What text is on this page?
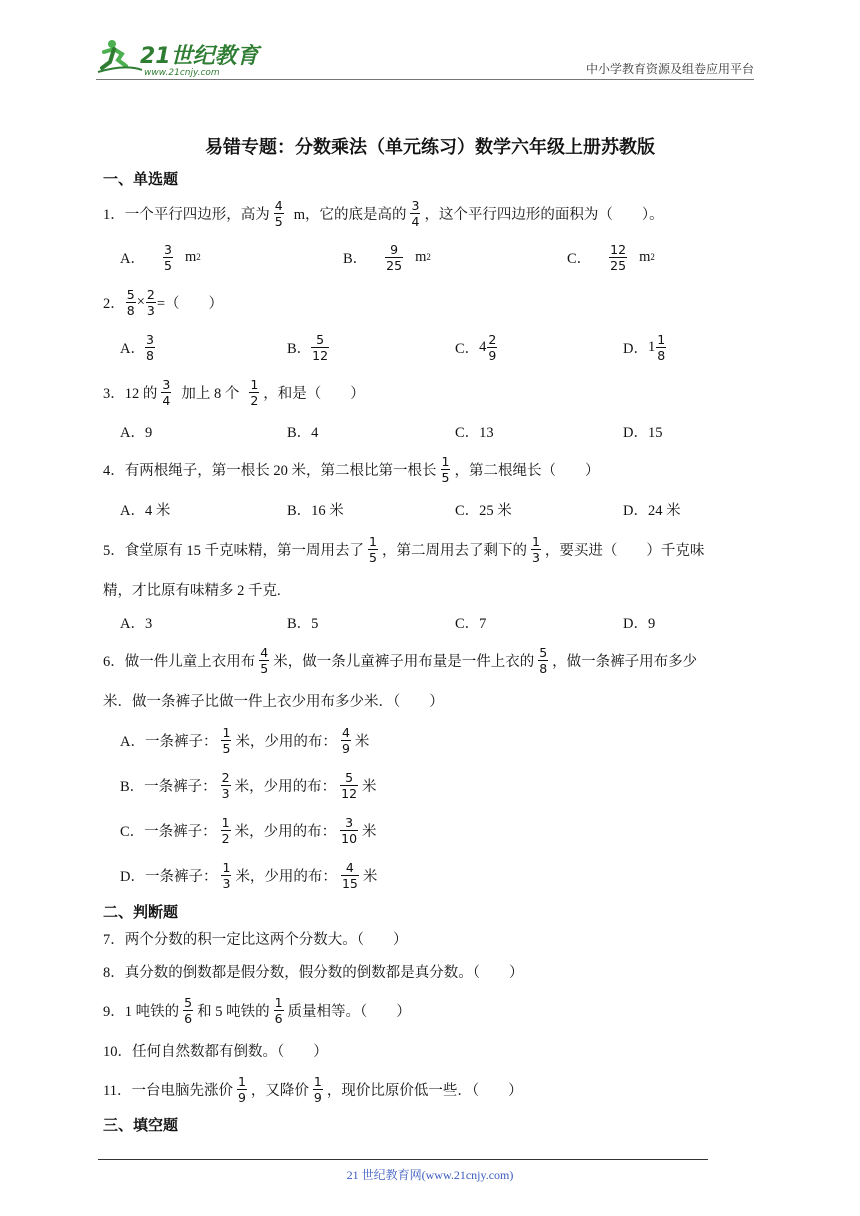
21世纪教育
www.21cnjy.com	中小学教育资源及组卷应用平台
易错专题：分数乘法（单元练习）数学六年级上册苏教版
一、单选题
1．一个平行四边形，高为 $\frac{4}{5}$ m，它的底是高的 $\frac{3}{4}$ ，这个平行四边形的面积为（　　）。
A． $\frac{3}{5}$ m 2	B． $\frac{9}{25}$ m 2	C． $\frac{12}{25}$ m 2
2． $\frac{5}{8} \times \frac{2}{3}$ =（　　）
A． $\frac{3}{8}$	B． $\frac{5}{12}$	C． $4 \frac{2}{9}$	D． $1 \frac{1}{8}$
3．12 的 $\frac{3}{4}$ 加上 8 个 $\frac{1}{2}$ ，和是（　　）
A．9	B．4	C．13	D．15
4．有两根绳子，第一根长 20 米，第二根比第一根长 $\frac{1}{5}$ ，第二根绳长（　　）
A．4 米	B．16 米	C．25 米	D．24 米
5．食堂原有 15 千克味精，第一周用去了 $\frac{1}{5}$ ，第二周用去了剩下的 $\frac{1}{3}$ ，要买进（　　）千克味
精，才比原有味精多 2 千克.
A．3	B．5	C．7	D．9
6．做一件儿童上衣用布 $\frac{4}{5}$ 米，做一条儿童裤子用布量是一件上衣的 $\frac{5}{8}$ ，做一条裤子用布多少
米．做一条裤子比做一件上衣少用布多少米．（　　）
A．一条裤子： $\frac{1}{5}$ 米，少用的布： $\frac{4}{9}$ 米
B．一条裤子： $\frac{2}{3}$ 米，少用的布： $\frac{5}{12}$ 米
C．一条裤子： $\frac{1}{2}$ 米，少用的布： $\frac{3}{10}$ 米
D．一条裤子： $\frac{1}{3}$ 米，少用的布： $\frac{4}{15}$ 米
二、判断题
7．两个分数的积一定比这两个分数大。（　　）
8．真分数的倒数都是假分数，假分数的倒数都是真分数。（　　）
9．1 吨铁的 $\frac{5}{6}$ 和 5 吨铁的 $\frac{1}{6}$ 质量相等。（　　）
10．任何自然数都有倒数。（　　）
11．一台电脑先涨价 $\frac{1}{9}$ ，又降价 $\frac{1}{9}$ ，现价比原价低一些．（　　）
三、填空题
21 世纪教育网(www.21cnjy.com)
